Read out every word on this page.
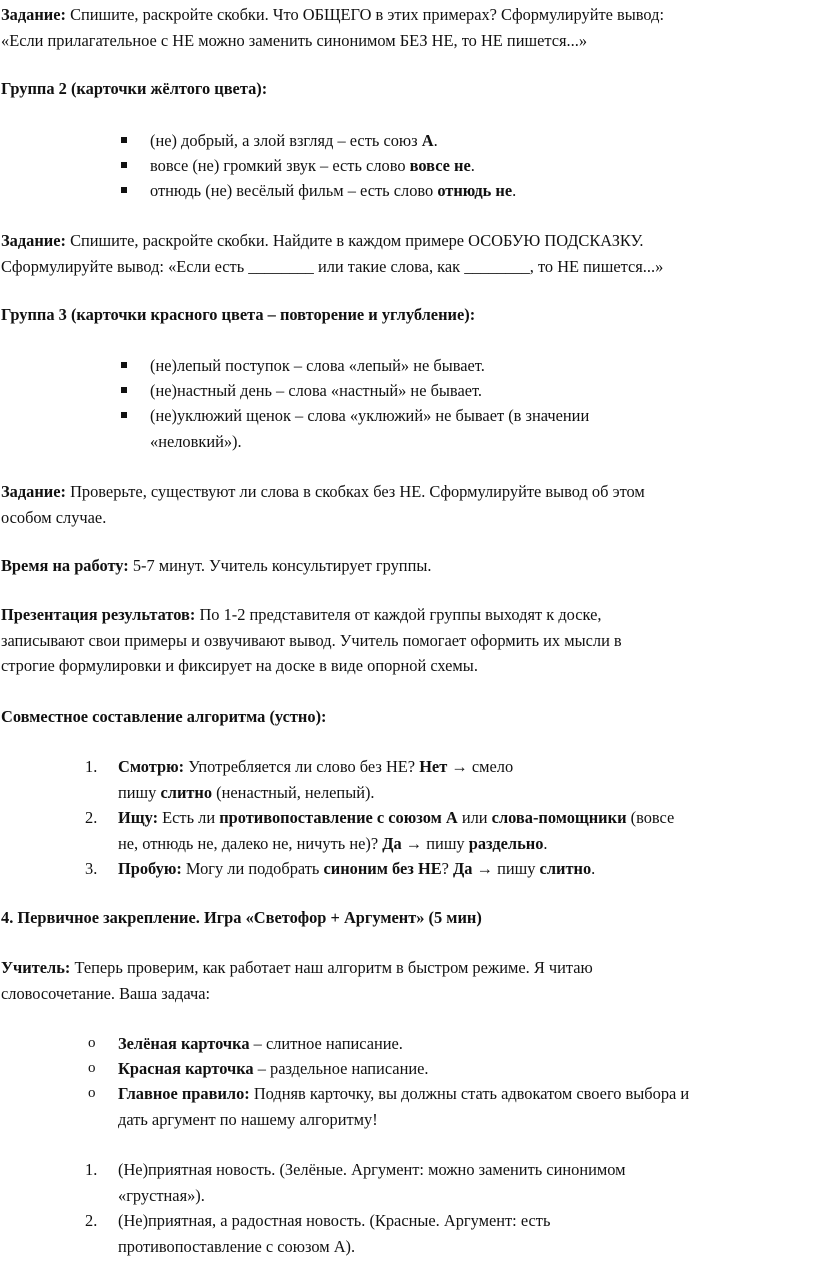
Задание: Спишите, раскройте скобки. Что ОБЩЕГО в этих примерах? Сформулируйте вывод:
«Если прилагательное с НЕ можно заменить синонимом БЕЗ НЕ, то НЕ пишется...»
Группа 2 (карточки жёлтого цвета):
(не) добрый, а злой взгляд – есть союз А.
вовсе (не) громкий звук – есть слово вовсе не.
отнюдь (не) весёлый фильм – есть слово отнюдь не.
Задание: Спишите, раскройте скобки. Найдите в каждом примере ОСОБУЮ ПОДСКАЗКУ.
Сформулируйте вывод: «Если есть ________ или такие слова, как ________, то НЕ пишется...»
Группа 3 (карточки красного цвета – повторение и углубление):
(не)лепый поступок – слова «лепый» не бывает.
(не)настный день – слова «настный» не бывает.
(не)уклюжий щенок – слова «уклюжий» не бывает (в значении
«неловкий»).
Задание: Проверьте, существуют ли слова в скобках без НЕ. Сформулируйте вывод об этом
особом случае.
Время на работу: 5-7 минут. Учитель консультирует группы.
Презентация результатов: По 1-2 представителя от каждой группы выходят к доске,
записывают свои примеры и озвучивают вывод. Учитель помогает оформить их мысли в
строгие формулировки и фиксирует на доске в виде опорной схемы.
Совместное составление алгоритма (устно):
1. Смотрю: Употребляется ли слово без НЕ? Нет → смело
пишу слитно (ненастный, нелепый).
2. Ищу: Есть ли противопоставление с союзом А или слова-помощники (вовсе
не, отнюдь не, далеко не, ничуть не)? Да → пишу раздельно.
3. Пробую: Могу ли подобрать синоним без НЕ? Да → пишу слитно.
4. Первичное закрепление. Игра «Светофор + Аргумент» (5 мин)
Учитель: Теперь проверим, как работает наш алгоритм в быстром режиме. Я читаю
словосочетание. Ваша задача:
o Зелёная карточка – слитное написание.
o Красная карточка – раздельное написание.
o Главное правило: Подняв карточку, вы должны стать адвокатом своего выбора и
дать аргумент по нашему алгоритму!
1. (Не)приятная новость. (Зелёные. Аргумент: можно заменить синонимом
«грустная»).
2. (Не)приятная, а радостная новость. (Красные. Аргумент: есть
противопоставление с союзом А).
